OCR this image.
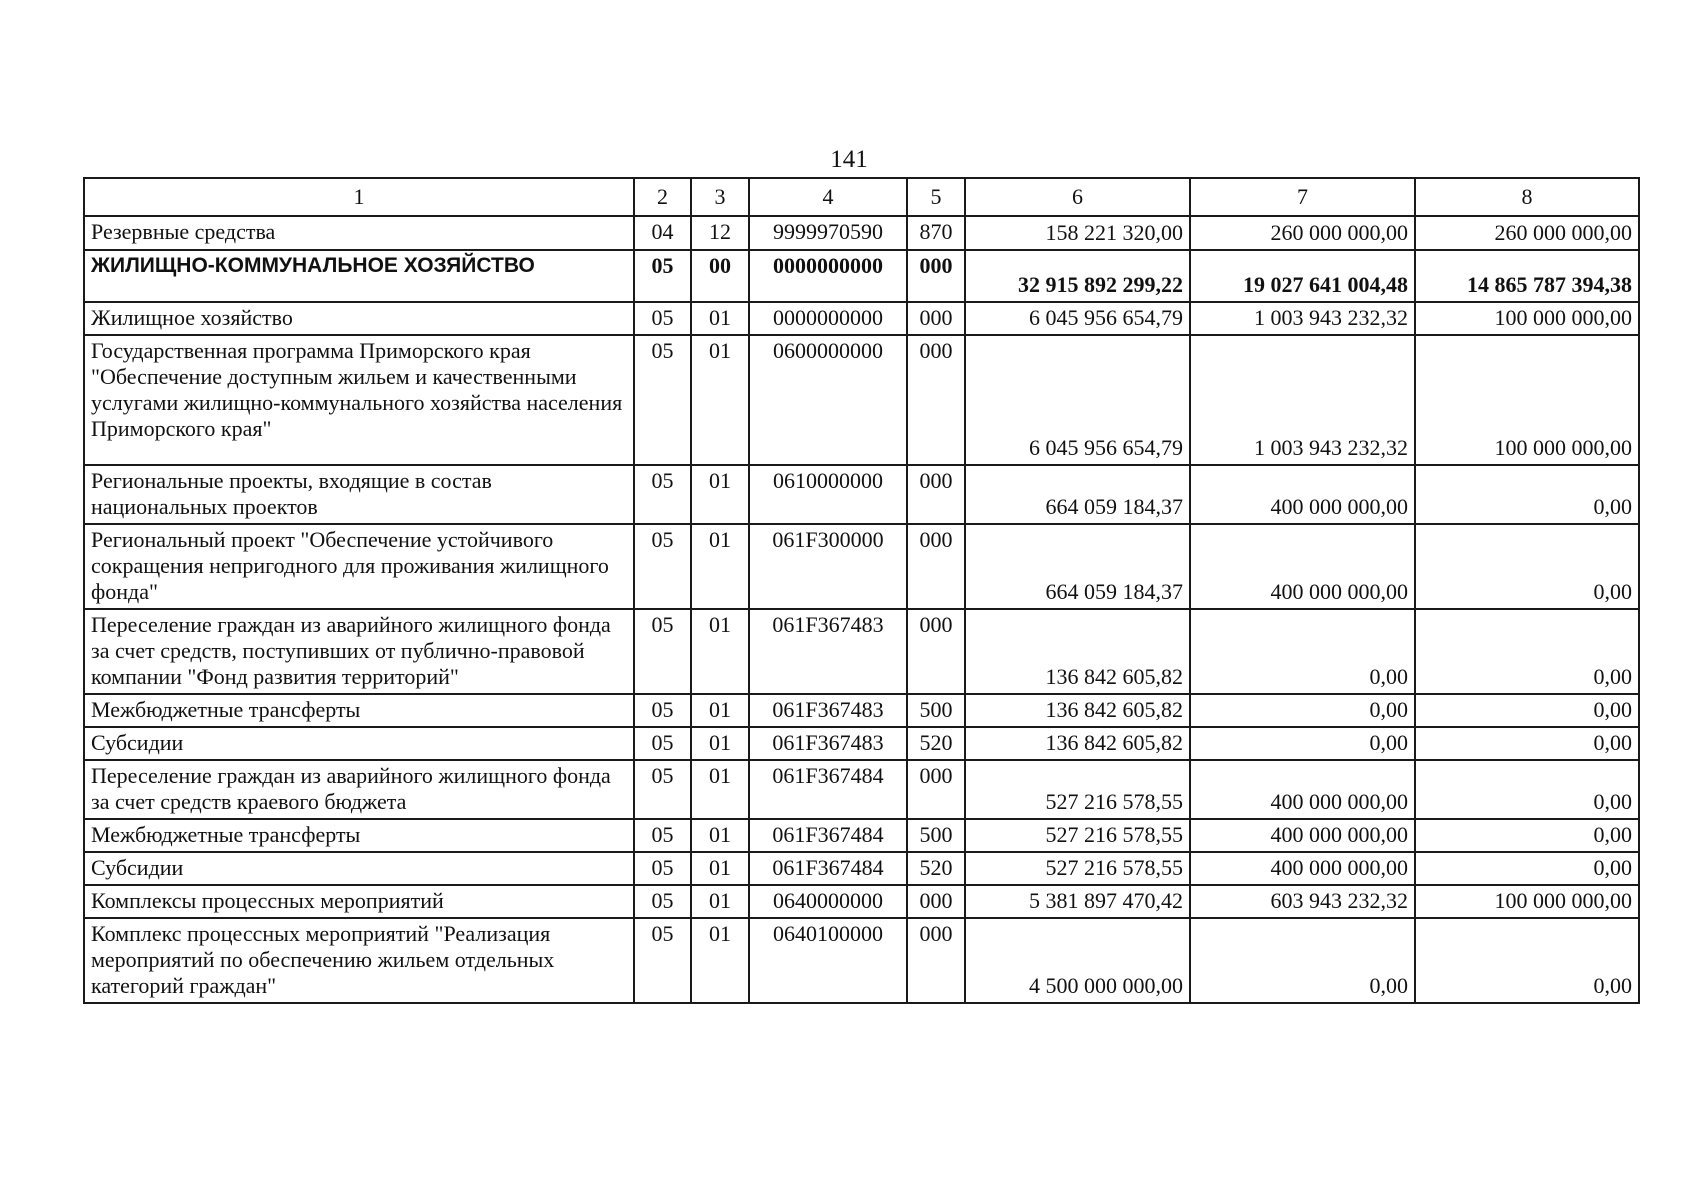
141
1	2	3	4	5	6	7	8
Резервные средства	04	12	9999970590	870	158 221 320,00	260 000 000,00	260 000 000,00
ЖИЛИЩНО-КОММУНАЛЬНОЕ ХОЗЯЙСТВО	05	00	0000000000	000	32 915 892 299,22	19 027 641 004,48	14 865 787 394,38
Жилищное хозяйство	05	01	0000000000	000	6 045 956 654,79	1 003 943 232,32	100 000 000,00
Государственная программа Приморского края "Обеспечение доступным жильем и качественными услугами жилищно-коммунального хозяйства населения Приморского края"	05	01	0600000000	000	6 045 956 654,79	1 003 943 232,32	100 000 000,00
Региональные проекты, входящие в состав национальных проектов	05	01	0610000000	000	664 059 184,37	400 000 000,00	0,00
Региональный проект "Обеспечение устойчивого сокращения непригодного для проживания жилищного фонда"	05	01	061F300000	000	664 059 184,37	400 000 000,00	0,00
Переселение граждан из аварийного жилищного фонда за счет средств, поступивших от публично-правовой компании "Фонд развития территорий"	05	01	061F367483	000	136 842 605,82	0,00	0,00
Межбюджетные трансферты	05	01	061F367483	500	136 842 605,82	0,00	0,00
Субсидии	05	01	061F367483	520	136 842 605,82	0,00	0,00
Переселение граждан из аварийного жилищного фонда за счет средств краевого бюджета	05	01	061F367484	000	527 216 578,55	400 000 000,00	0,00
Межбюджетные трансферты	05	01	061F367484	500	527 216 578,55	400 000 000,00	0,00
Субсидии	05	01	061F367484	520	527 216 578,55	400 000 000,00	0,00
Комплексы процессных мероприятий	05	01	0640000000	000	5 381 897 470,42	603 943 232,32	100 000 000,00
Комплекс процессных мероприятий "Реализация мероприятий по обеспечению жильем отдельных категорий граждан"	05	01	0640100000	000	4 500 000 000,00	0,00	0,00
